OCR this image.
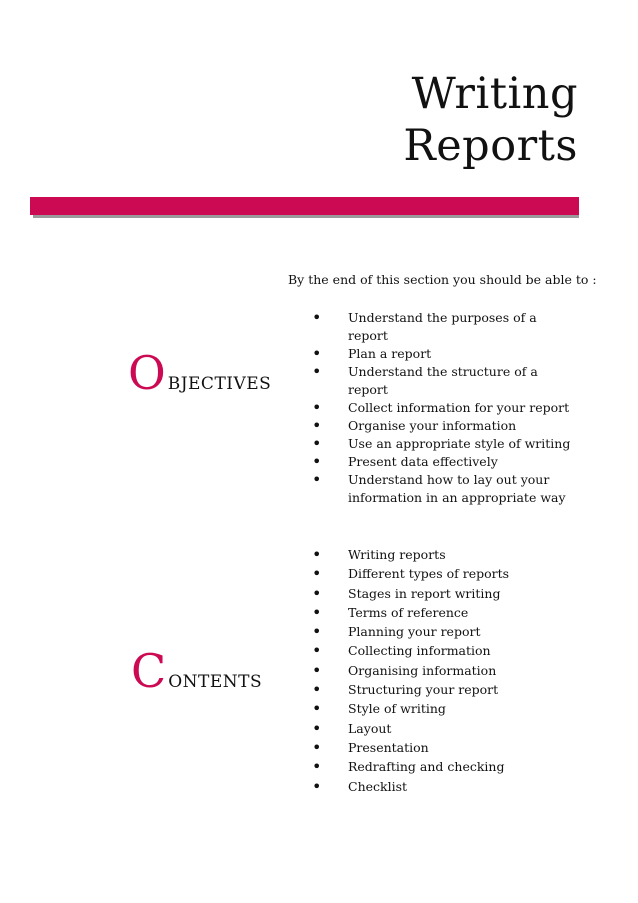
Writing
Reports

By the end of this section you should be able to :

O BJECTIVES
• Understand the purposes of a report
• Plan a report
• Understand the structure of a report
• Collect information for your report
• Organise your information
• Use an appropriate style of writing
• Present data effectively
• Understand how to lay out your information in an appropriate way
C ONTENTS
• Writing reports
• Different types of reports
• Stages in report writing
• Terms of reference
• Planning your report
• Collecting information
• Organising information
• Structuring your report
• Style of writing
• Layout
• Presentation
• Redrafting and checking
• Checklist
